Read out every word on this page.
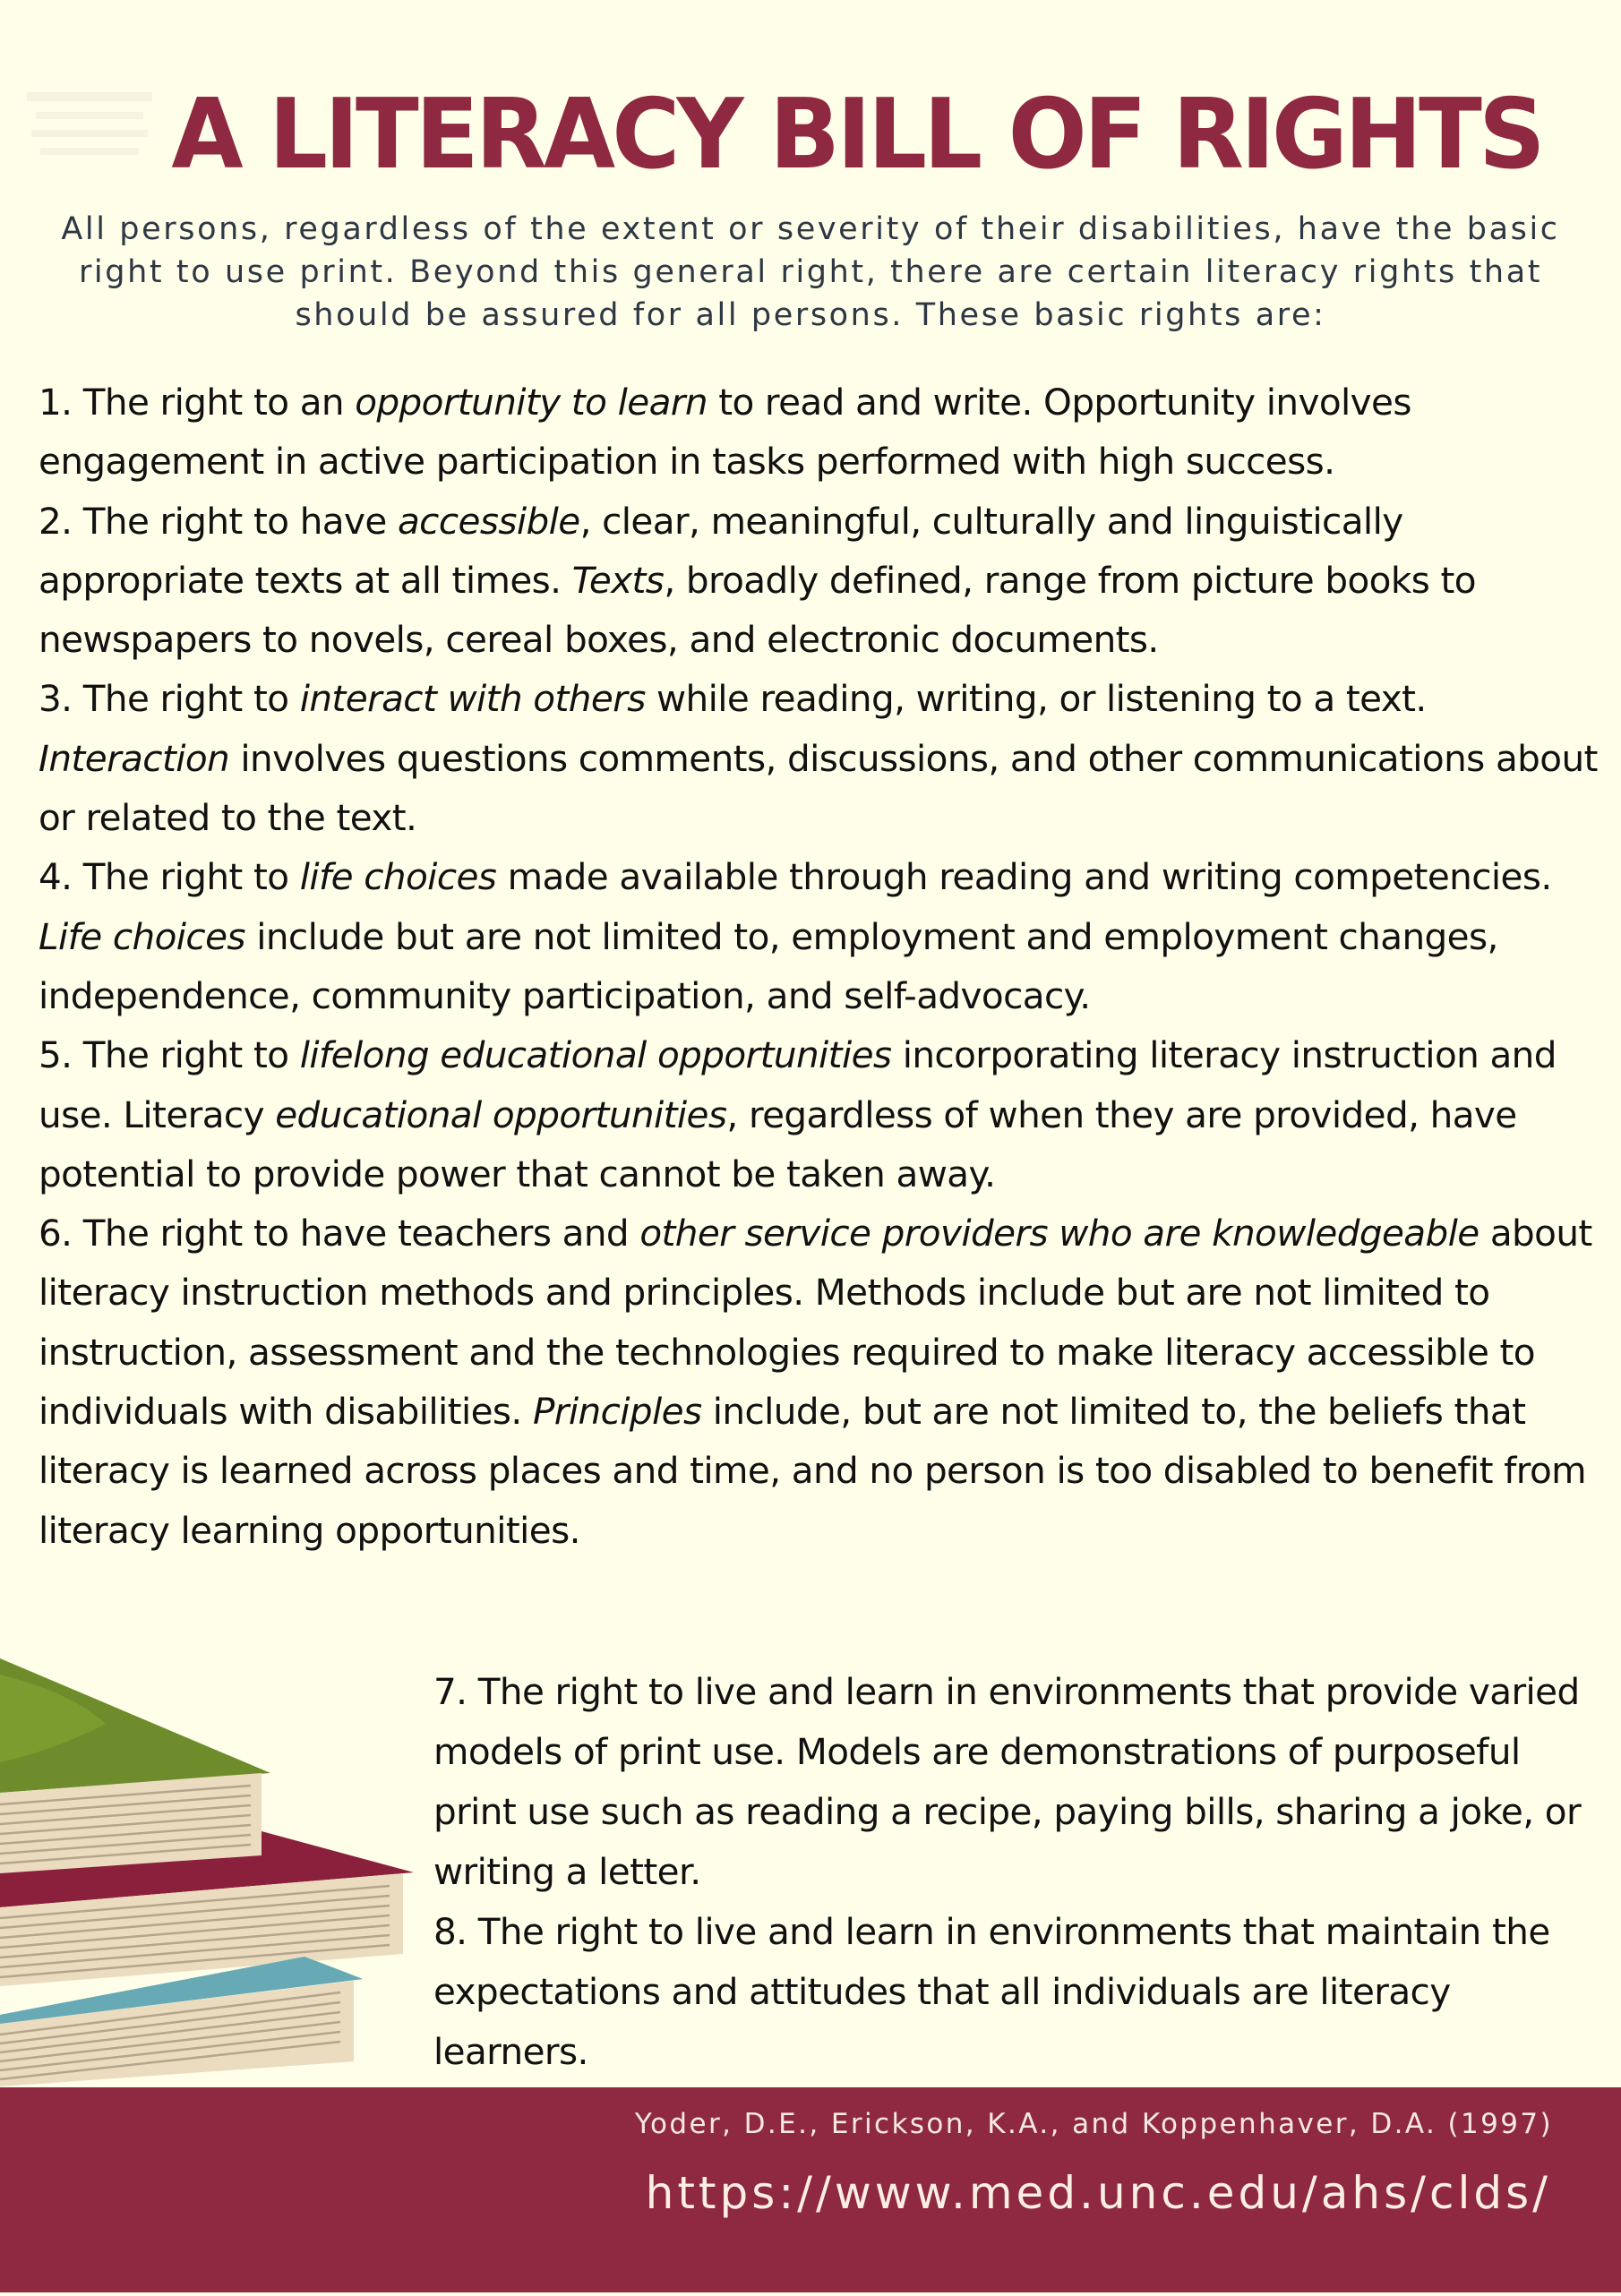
A LITERACY BILL OF RIGHTS

All persons, regardless of the extent or severity of their disabilities, have the basic right to use print. Beyond this general right, there are certain literacy rights that should be assured for all persons. These basic rights are:

1. The right to an opportunity to learn to read and write. Opportunity involves engagement in active participation in tasks performed with high success.
2. The right to have accessible, clear, meaningful, culturally and linguistically appropriate texts at all times. Texts, broadly defined, range from picture books to newspapers to novels, cereal boxes, and electronic documents.
3. The right to interact with others while reading, writing, or listening to a text. Interaction involves questions comments, discussions, and other communications about or related to the text.
4. The right to life choices made available through reading and writing competencies. Life choices include but are not limited to, employment and employment changes, independence, community participation, and self-advocacy.
5. The right to lifelong educational opportunities incorporating literacy instruction and use. Literacy educational opportunities, regardless of when they are provided, have potential to provide power that cannot be taken away.
6. The right to have teachers and other service providers who are knowledgeable about literacy instruction methods and principles. Methods include but are not limited to instruction, assessment and the technologies required to make literacy accessible to individuals with disabilities. Principles include, but are not limited to, the beliefs that literacy is learned across places and time, and no person is too disabled to benefit from literacy learning opportunities.
7. The right to live and learn in environments that provide varied models of print use. Models are demonstrations of purposeful print use such as reading a recipe, paying bills, sharing a joke, or writing a letter.
8. The right to live and learn in environments that maintain the expectations and attitudes that all individuals are literacy learners.
Yoder, D.E., Erickson, K.A., and Koppenhaver, D.A. (1997)
https://www.med.unc.edu/ahs/clds/
